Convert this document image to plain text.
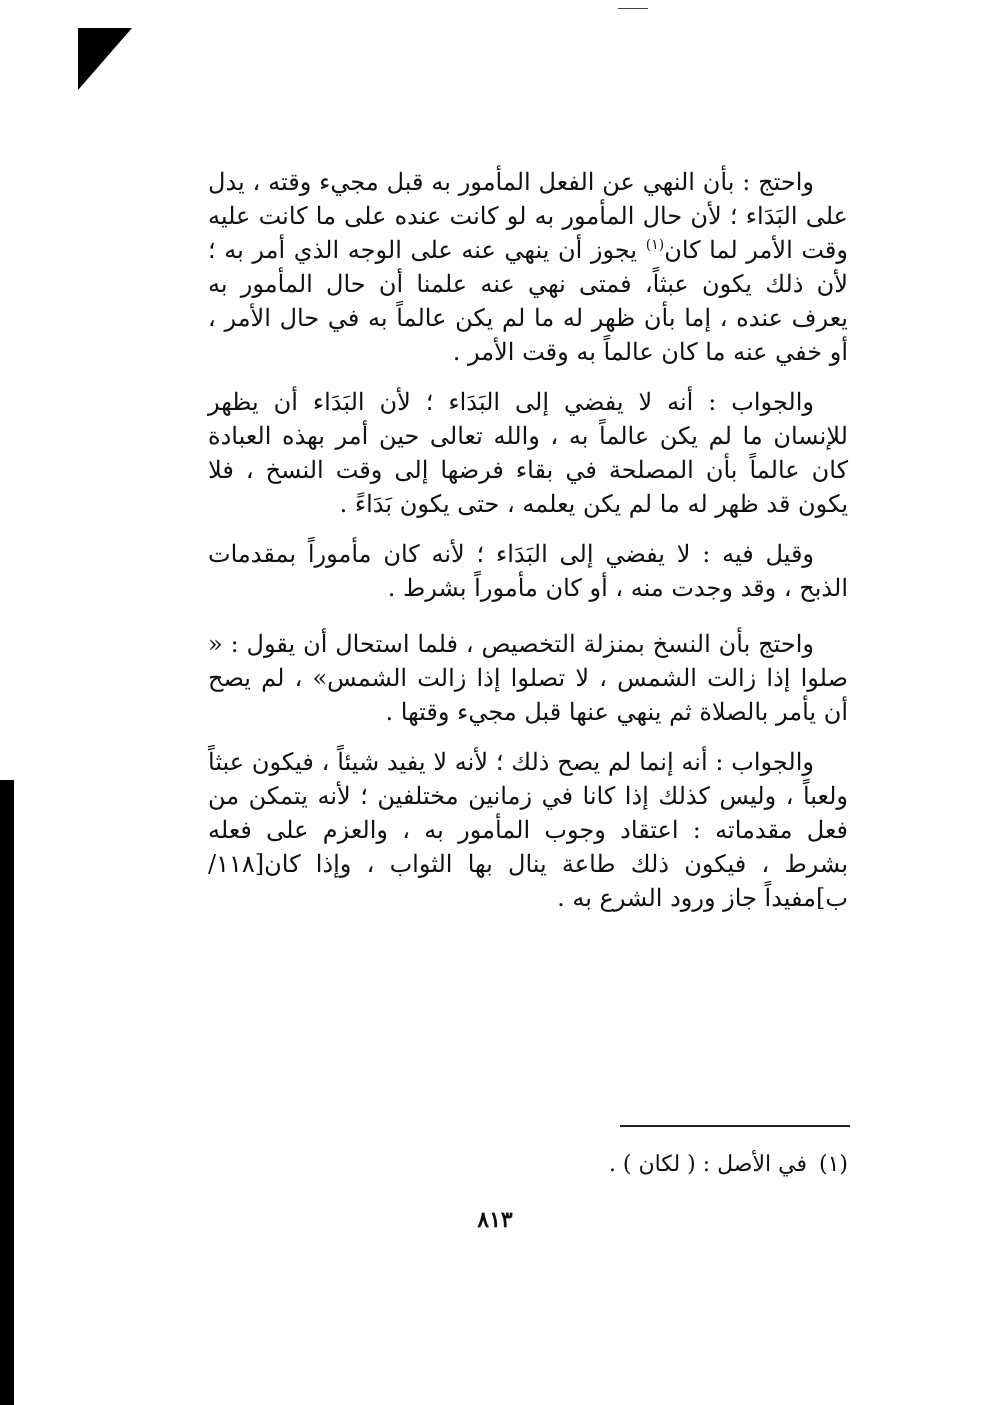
واحتج : بأن النهي عن الفعل المأمور به قبل مجيء وقته ، يدل على البَدَاء ؛ لأن حال المأمور به لو كانت عنده على ما كانت عليه وقت الأمر لما كان$^{(١)}$ يجوز أن ينهي عنه على الوجه الذي أمر به ؛ لأن ذلك يكون عبثاً، فمتى نهي عنه علمنا أن حال المأمور به يعرف عنده ، إما بأن ظهر له ما لم يكن عالماً به في حال الأمر ، أو خفي عنه ما كان عالماً به وقت الأمر .

والجواب : أنه لا يفضي إلى البَدَاء ؛ لأن البَدَاء أن يظهر للإنسان ما لم يكن عالماً به ، والله تعالى حين أمر بهذه العبادة كان عالماً بأن المصلحة في بقاء فرضها إلى وقت النسخ ، فلا يكون قد ظهر له ما لم يكن يعلمه ، حتى يكون بَدَاءً .

وقيل فيه : لا يفضي إلى البَدَاء ؛ لأنه كان مأموراً بمقدمات الذبح ، وقد وجدت منه ، أو كان مأموراً بشرط .

واحتج بأن النسخ بمنزلة التخصيص ، فلما استحال أن يقول : « صلوا إذا زالت الشمس ، لا تصلوا إذا زالت الشمس» ، لم يصح أن يأمر بالصلاة ثم ينهي عنها قبل مجيء وقتها .

والجواب : أنه إنما لم يصح ذلك ؛ لأنه لا يفيد شيئاً ، فيكون عبثاً ولعباً ، وليس كذلك إذا كانا في زمانين مختلفين ؛ لأنه يتمكن من فعل مقدماته : اعتقاد وجوب المأمور به ، والعزم على فعله بشرط ، فيكون ذلك طاعة ينال بها الثواب ، وإذا كان[١١٨/ب]مفيداً جاز ورود الشرع به .

(١)في الأصل : ( لكان ) .
٨١٣
